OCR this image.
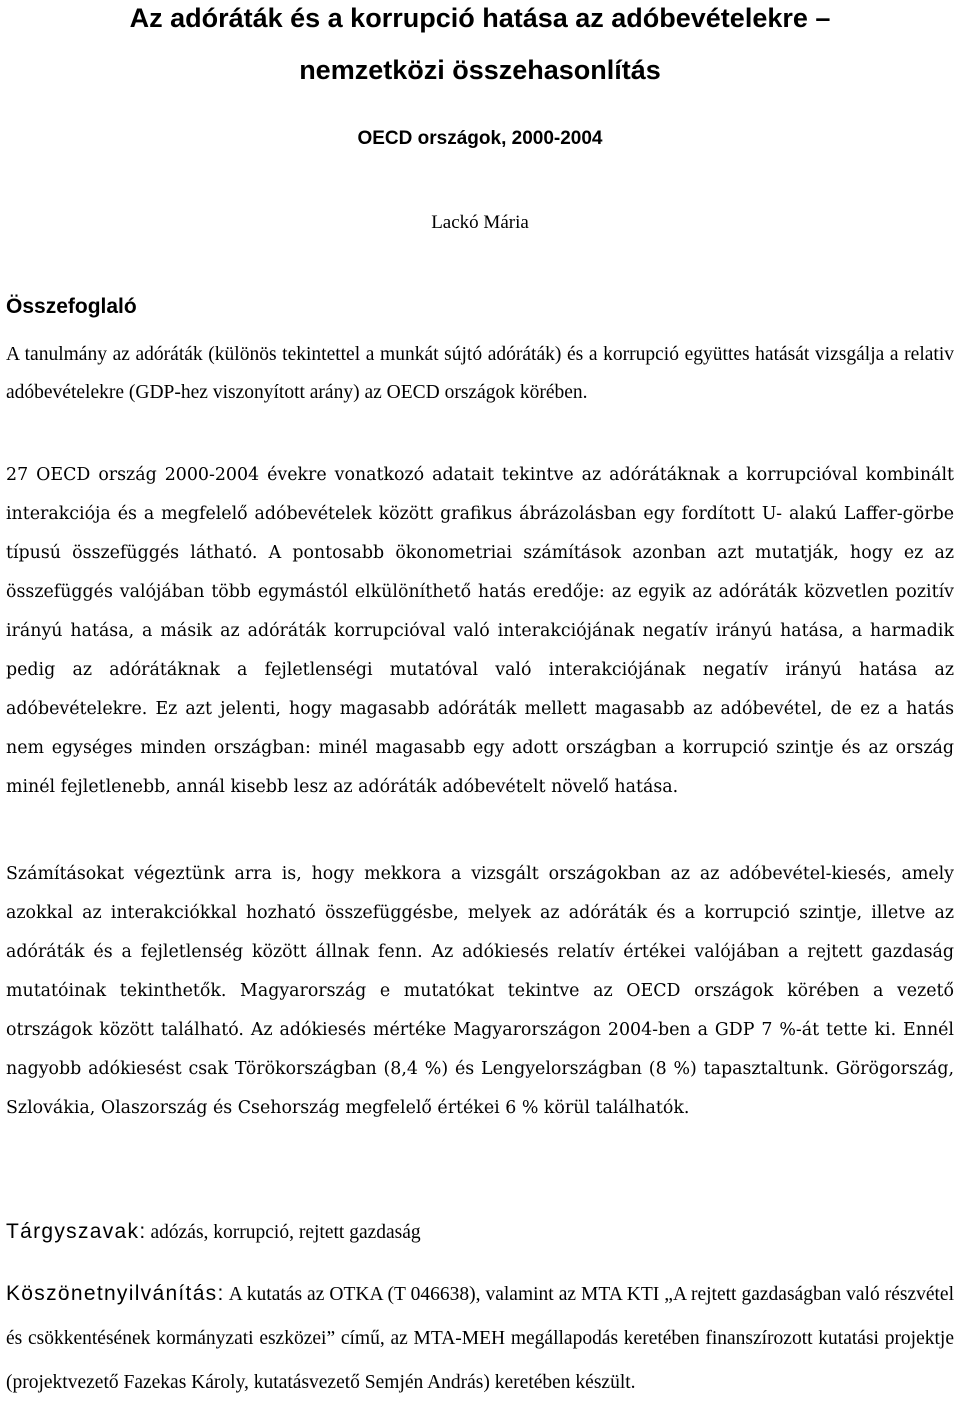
Az adóráták és a korrupció hatása az adóbevételekre –
nemzetközi összehasonlítás
OECD országok, 2000-2004

Lackó Mária

Összefoglaló

A tanulmány az adóráták (különös tekintettel a munkát sújtó adóráták) és a korrupció együttes hatását vizsgálja a relativ adóbevételekre (GDP-hez viszonyított arány) az OECD országok körében.

27 OECD ország 2000-2004 évekre vonatkozó adatait tekintve az adórátáknak a korrupcióval kombinált interakciója és a megfelelő adóbevételek között grafikus ábrázolásban egy fordított U- alakú Laffer-görbe típusú összefüggés látható. A pontosabb ökonometriai számítások azonban azt mutatják, hogy ez az összefüggés valójában több egymástól elkülöníthető hatás eredője: az egyik az adóráták közvetlen pozitív irányú hatása, a másik az adóráták korrupcióval való interakciójának negatív irányú hatása, a harmadik pedig az adórátáknak a fejletlenségi mutatóval való interakciójának negatív irányú hatása az adóbevételekre. Ez azt jelenti, hogy magasabb adóráták mellett magasabb az adóbevétel, de ez a hatás nem egységes minden országban: minél magasabb egy adott országban a korrupció szintje és az ország minél fejletlenebb, annál kisebb lesz az adóráták adóbevételt növelő hatása.

Számításokat végeztünk arra is, hogy mekkora a vizsgált országokban az az adóbevétel-kiesés, amely azokkal az interakciókkal hozható összefüggésbe, melyek az adóráták és a korrupció szintje, illetve az adóráták és a fejletlenség között állnak fenn. Az adókiesés relatív értékei valójában a rejtett gazdaság mutatóinak tekinthetők. Magyarország e mutatókat tekintve az OECD országok körében a vezető otrszágok között található. Az adókiesés mértéke Magyarországon 2004-ben a GDP 7 %-át tette ki. Ennél nagyobb adókiesést csak Törökországban (8,4 %) és Lengyelországban (8 %) tapasztaltunk. Görögország, Szlovákia, Olaszország és Csehország megfelelő értékei 6 % körül találhatók.

Tárgyszavak: adózás, korrupció, rejtett gazdaság

Köszönetnyilvánítás: A kutatás az OTKA (T 046638), valamint az MTA KTI „A rejtett gazdaságban való részvétel és csökkentésének kormányzati eszközei” című, az MTA-MEH megállapodás keretében finanszírozott kutatási projektje (projektvezető Fazekas Károly, kutatásvezető Semjén András) keretében készült.
